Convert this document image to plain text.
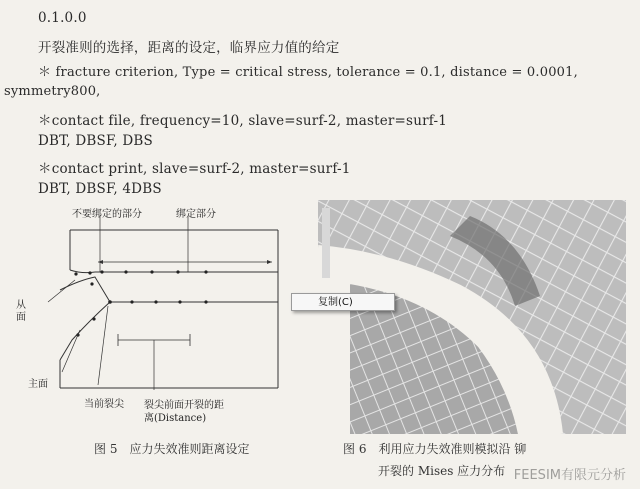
0.1.0.0
开裂准则的选择，距离的设定，临界应力值的给定
＊ fracture criterion, Type = critical stress, tolerance = 0.1, distance = 0.0001,
symmetry800,
＊contact file, frequency=10, slave=surf-2, master=surf-1
DBT, DBSF, DBS
＊contact print, slave=surf-2, master=surf-1
DBT, DBSF, 4DBS
不要绑定的部分	绑定部分
从
面
主面
当前裂尖 裂尖前面开裂的距
离(Distance)
图 5　应力失效准则距离设定	图 6　利用应力失效准则模拟沿 铆
开裂的 Mises 应力分布
复制(C)
FEESIM有限元分析
